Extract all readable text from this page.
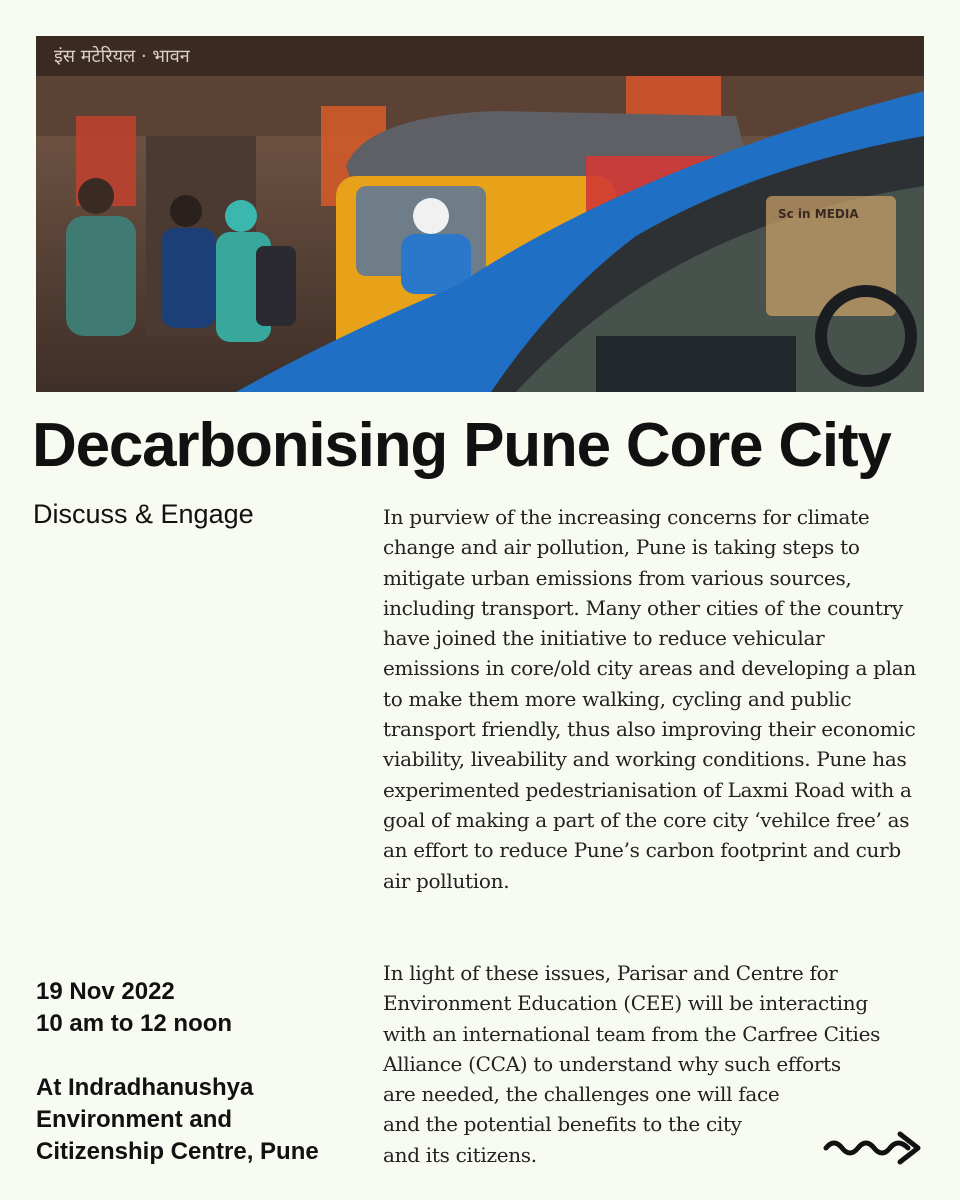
इंस मटेरियल · भावन
Sc in MEDIA
Decarbonising Pune Core City
Discuss & Engage	In purview of the increasing concerns for climate change and air pollution, Pune is taking steps to mitigate urban emissions from various sources, including transport. Many other cities of the country have joined the initiative to reduce vehicular emissions in core/old city areas and developing a plan to make them more walking, cycling and public transport friendly, thus also improving their economic viability, liveability and working conditions. Pune has experimented pedestrianisation of Laxmi Road with a goal of making a part of the core city ‘vehilce free’ as an effort to reduce Pune’s carbon footprint and curb air pollution.
In light of these issues, Parisar and Centre for
Environment Education (CEE) will be interacting
with an international team from the Carfree Cities
Alliance (CCA) to understand why such efforts
are needed, the challenges one will face
and the potential benefits to the city
and its citizens.
19 Nov 2022
10 am to 12 noon
At Indradhanushya
Environment and
Citizenship Centre, Pune
